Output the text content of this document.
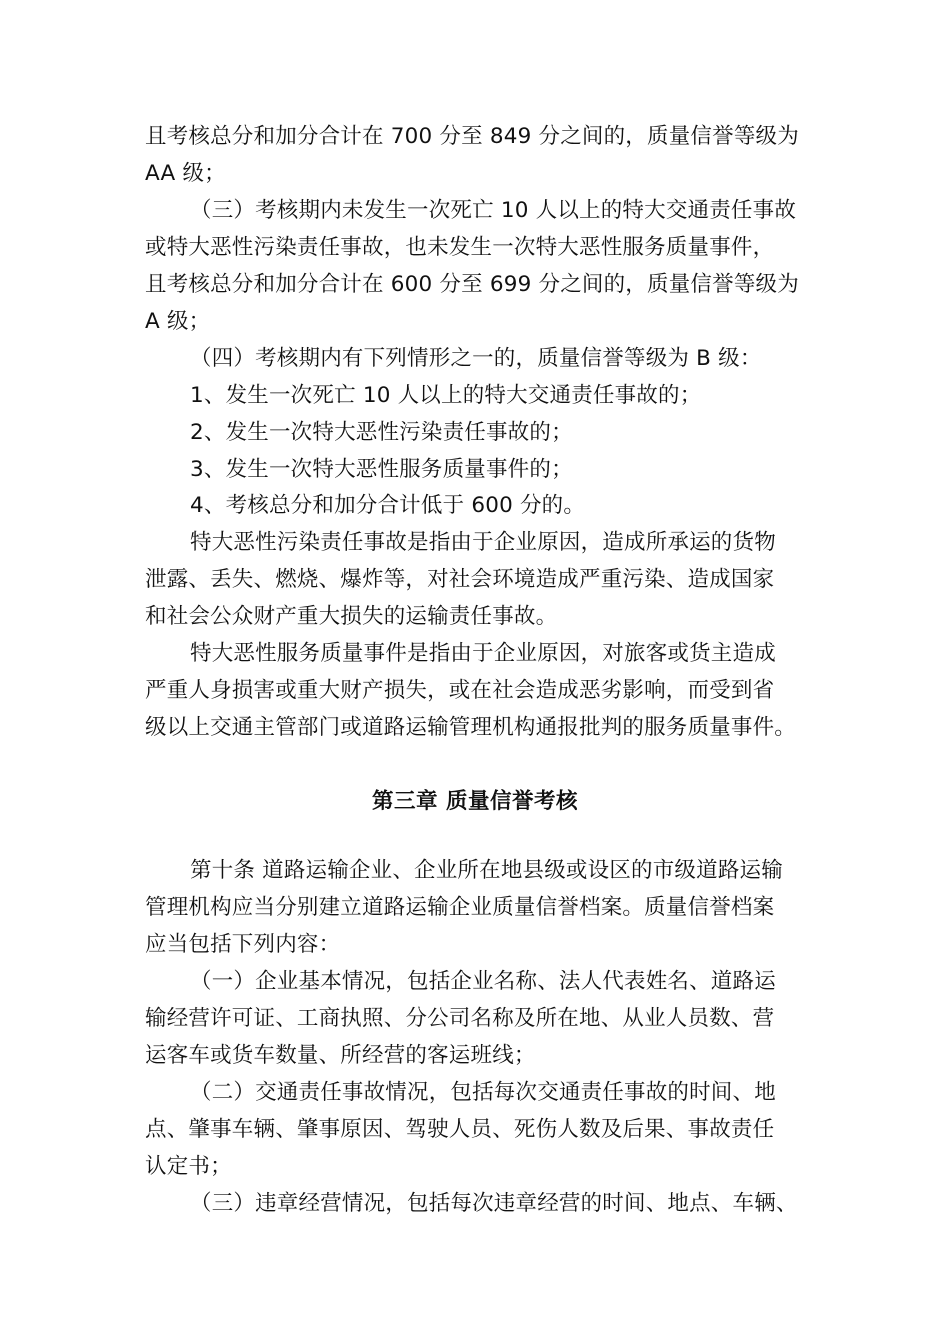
且考核总分和加分合计在 700 分至 849 分之间的，质量信誉等级为
AA 级；
（三）考核期内未发生一次死亡 10 人以上的特大交通责任事故
或特大恶性污染责任事故，也未发生一次特大恶性服务质量事件，
且考核总分和加分合计在 600 分至 699 分之间的，质量信誉等级为
A 级；
（四）考核期内有下列情形之一的，质量信誉等级为 B 级：
1、发生一次死亡 10 人以上的特大交通责任事故的；
2、发生一次特大恶性污染责任事故的；
3、发生一次特大恶性服务质量事件的；
4、考核总分和加分合计低于 600 分的。
特大恶性污染责任事故是指由于企业原因，造成所承运的货物
泄露、丢失、燃烧、爆炸等，对社会环境造成严重污染、造成国家
和社会公众财产重大损失的运输责任事故。
特大恶性服务质量事件是指由于企业原因，对旅客或货主造成
严重人身损害或重大财产损失，或在社会造成恶劣影响，而受到省
级以上交通主管部门或道路运输管理机构通报批判的服务质量事件。
第三章 质量信誉考核
第十条 道路运输企业、企业所在地县级或设区的市级道路运输
管理机构应当分别建立道路运输企业质量信誉档案。质量信誉档案
应当包括下列内容：
（一）企业基本情况，包括企业名称、法人代表姓名、道路运
输经营许可证、工商执照、分公司名称及所在地、从业人员数、营
运客车或货车数量、所经营的客运班线；
（二）交通责任事故情况，包括每次交通责任事故的时间、地
点、肇事车辆、肇事原因、驾驶人员、死伤人数及后果、事故责任
认定书；
（三）违章经营情况，包括每次违章经营的时间、地点、车辆、
